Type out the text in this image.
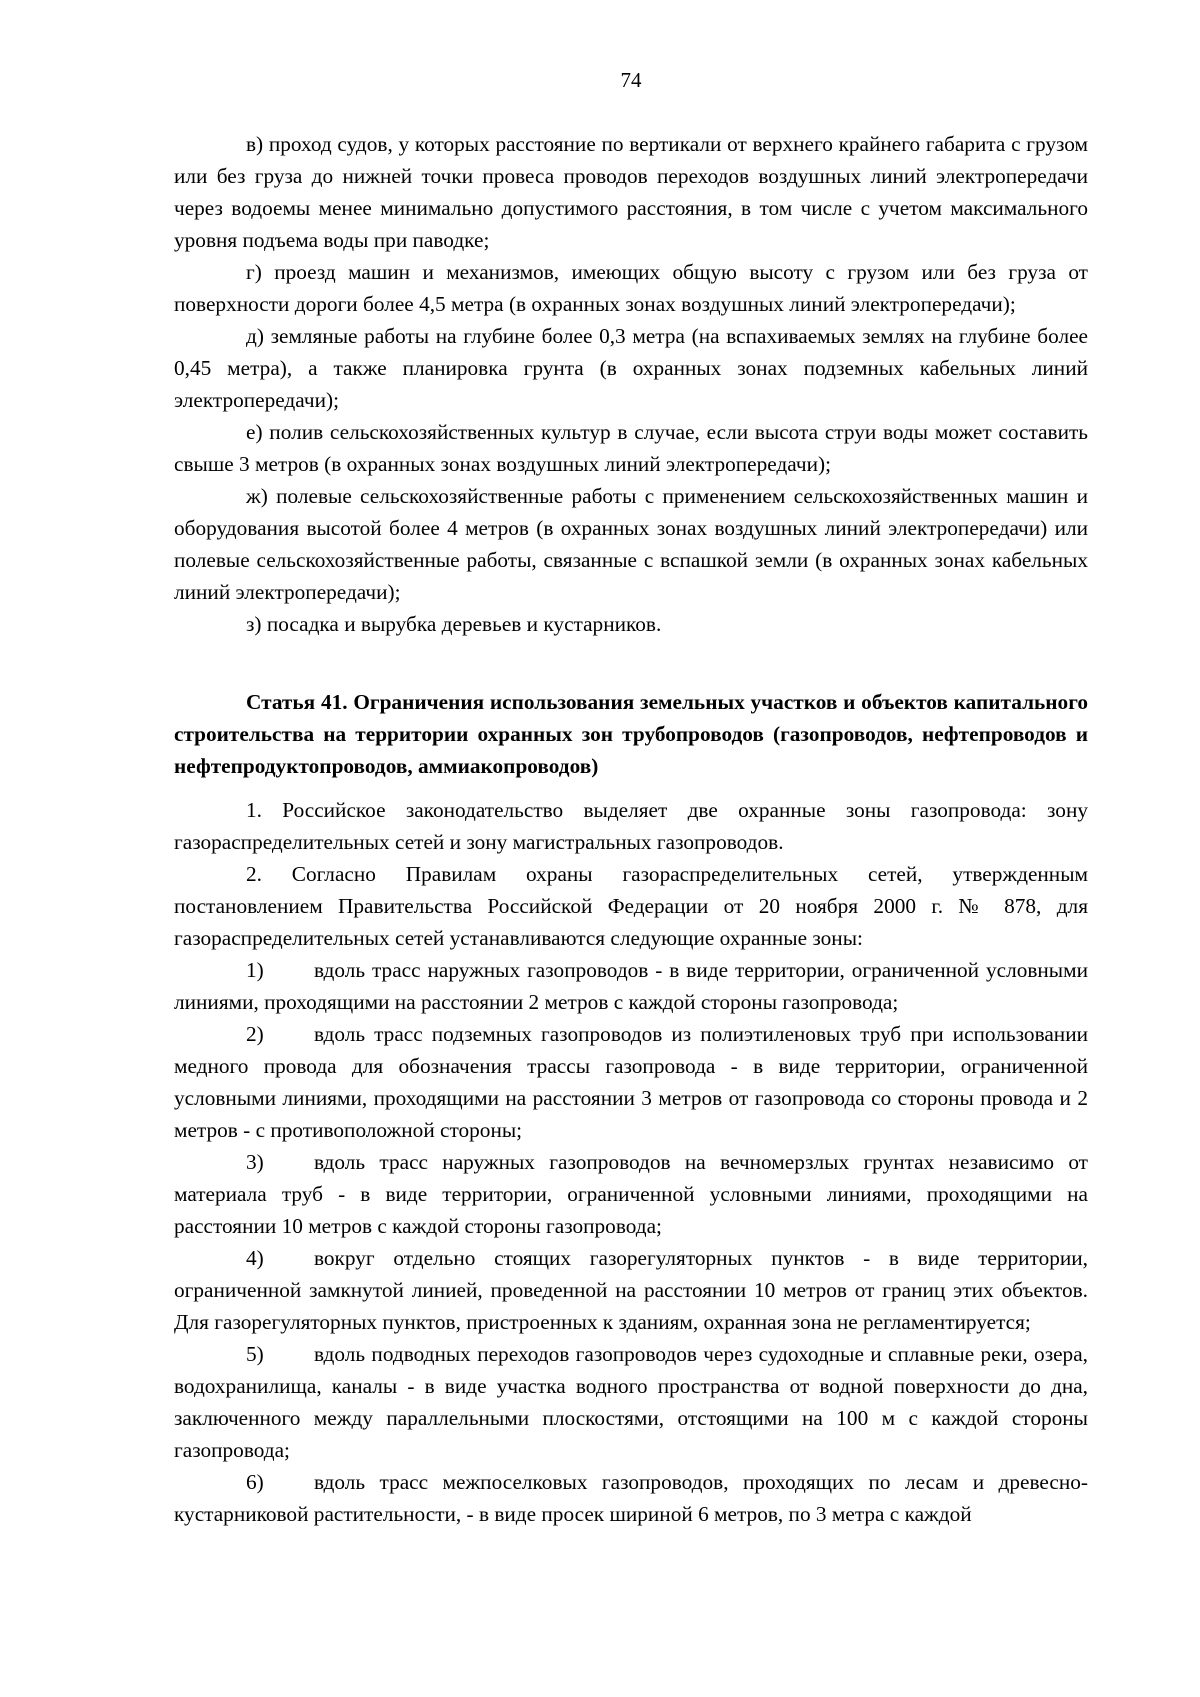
74

в) проход судов, у которых расстояние по вертикали от верхнего крайнего габарита с грузом или без груза до нижней точки провеса проводов переходов воздушных линий электропередачи через водоемы менее минимально допустимого расстояния, в том числе с учетом максимального уровня подъема воды при паводке;

г) проезд машин и механизмов, имеющих общую высоту с грузом или без груза от поверхности дороги более 4,5 метра (в охранных зонах воздушных линий электропередачи);

д) земляные работы на глубине более 0,3 метра (на вспахиваемых землях на глубине более 0,45 метра), а также планировка грунта (в охранных зонах подземных кабельных линий электропередачи);

е) полив сельскохозяйственных культур в случае, если высота струи воды может составить свыше 3 метров (в охранных зонах воздушных линий электропередачи);

ж) полевые сельскохозяйственные работы с применением сельскохозяйственных машин и оборудования высотой более 4 метров (в охранных зонах воздушных линий электропередачи) или полевые сельскохозяйственные работы, связанные с вспашкой земли (в охранных зонах кабельных линий электропередачи);

з) посадка и вырубка деревьев и кустарников.

Статья 41. Ограничения использования земельных участков и объектов капитального строительства на территории охранных зон трубопроводов (газопроводов, нефтепроводов и нефтепродуктопроводов, аммиакопроводов)

1. Российское законодательство выделяет две охранные зоны газопровода: зону газораспределительных сетей и зону магистральных газопроводов.

2. Согласно Правилам охраны газораспределительных сетей, утвержденным постановлением Правительства Российской Федерации от 20 ноября 2000 г. № 878, для газораспределительных сетей устанавливаются следующие охранные зоны:

1) вдоль трасс наружных газопроводов - в виде территории, ограниченной условными линиями, проходящими на расстоянии 2 метров с каждой стороны газопровода;

2) вдоль трасс подземных газопроводов из полиэтиленовых труб при использовании медного провода для обозначения трассы газопровода - в виде территории, ограниченной условными линиями, проходящими на расстоянии 3 метров от газопровода со стороны провода и 2 метров - с противоположной стороны;

3) вдоль трасс наружных газопроводов на вечномерзлых грунтах независимо от материала труб - в виде территории, ограниченной условными линиями, проходящими на расстоянии 10 метров с каждой стороны газопровода;

4) вокруг отдельно стоящих газорегуляторных пунктов - в виде территории, ограниченной замкнутой линией, проведенной на расстоянии 10 метров от границ этих объектов. Для газорегуляторных пунктов, пристроенных к зданиям, охранная зона не регламентируется;

5) вдоль подводных переходов газопроводов через судоходные и сплавные реки, озера, водохранилища, каналы - в виде участка водного пространства от водной поверхности до дна, заключенного между параллельными плоскостями, отстоящими на 100 м с каждой стороны газопровода;

6) вдоль трасс межпоселковых газопроводов, проходящих по лесам и древесно-кустарниковой растительности, - в виде просек шириной 6 метров, по 3 метра с каждой
